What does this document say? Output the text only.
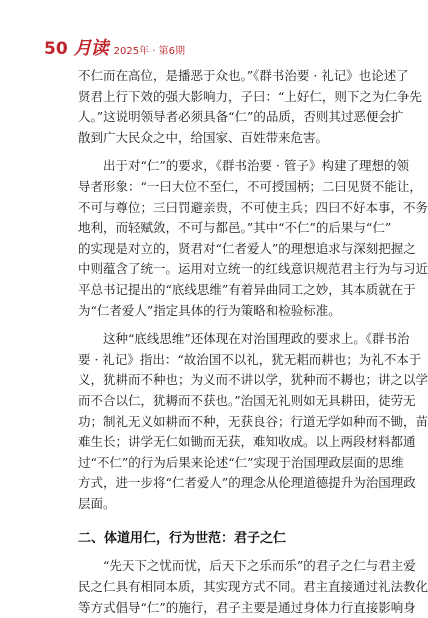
50 月读 2025年 · 第6期
不仁而在高位，是播恶于众也。”《群书治要 · 礼记》也论述了
贤君上行下效的强大影响力，子曰：“上好仁，则下之为仁争先
人。”这说明领导者必须具备“仁”的品质，否则其过恶便会扩
散到广大民众之中，给国家、百姓带来危害。
　　出于对“仁”的要求，《群书治要 · 管子》构建了理想的领
导者形象：“一曰大位不至仁，不可授国柄；二曰见贤不能让，
不可与尊位；三曰罚避亲贵，不可使主兵；四曰不好本事，不务
地利，而轻赋敛，不可与都邑。”其中“不仁”的后果与“仁”
的实现是对立的，贤君对“仁者爱人”的理想追求与深刻把握之
中则蕴含了统一。运用对立统一的红线意识规范君主行为与习近
平总书记提出的“底线思维”有着异曲同工之妙，其本质就在于
为“仁者爱人”指定具体的行为策略和检验标准。
　　这种“底线思维”还体现在对治国理政的要求上。《群书治
要 · 礼记》指出：“故治国不以礼，犹无耜而耕也；为礼不本于
义，犹耕而不种也；为义而不讲以学，犹种而不耨也；讲之以学
而不合以仁，犹耨而不获也。”治国无礼则如无具耕田，徒劳无
功；制礼无义如耕而不种，无获良谷；行道无学如种而不锄，苗
难生长；讲学无仁如锄而无获，难知收成。以上两段材料都通
过“不仁”的行为后果来论述“仁”实现于治国理政层面的思维
方式，进一步将“仁者爱人”的理念从伦理道德提升为治国理政
层面。
二、体道用仁，行为世范：君子之仁
　　“先天下之忧而忧，后天下之乐而乐”的君子之仁与君主爱
民之仁具有相同本质，其实现方式不同。君主直接通过礼法教化
等方式倡导“仁”的施行，君子主要是通过身体力行直接影响身
